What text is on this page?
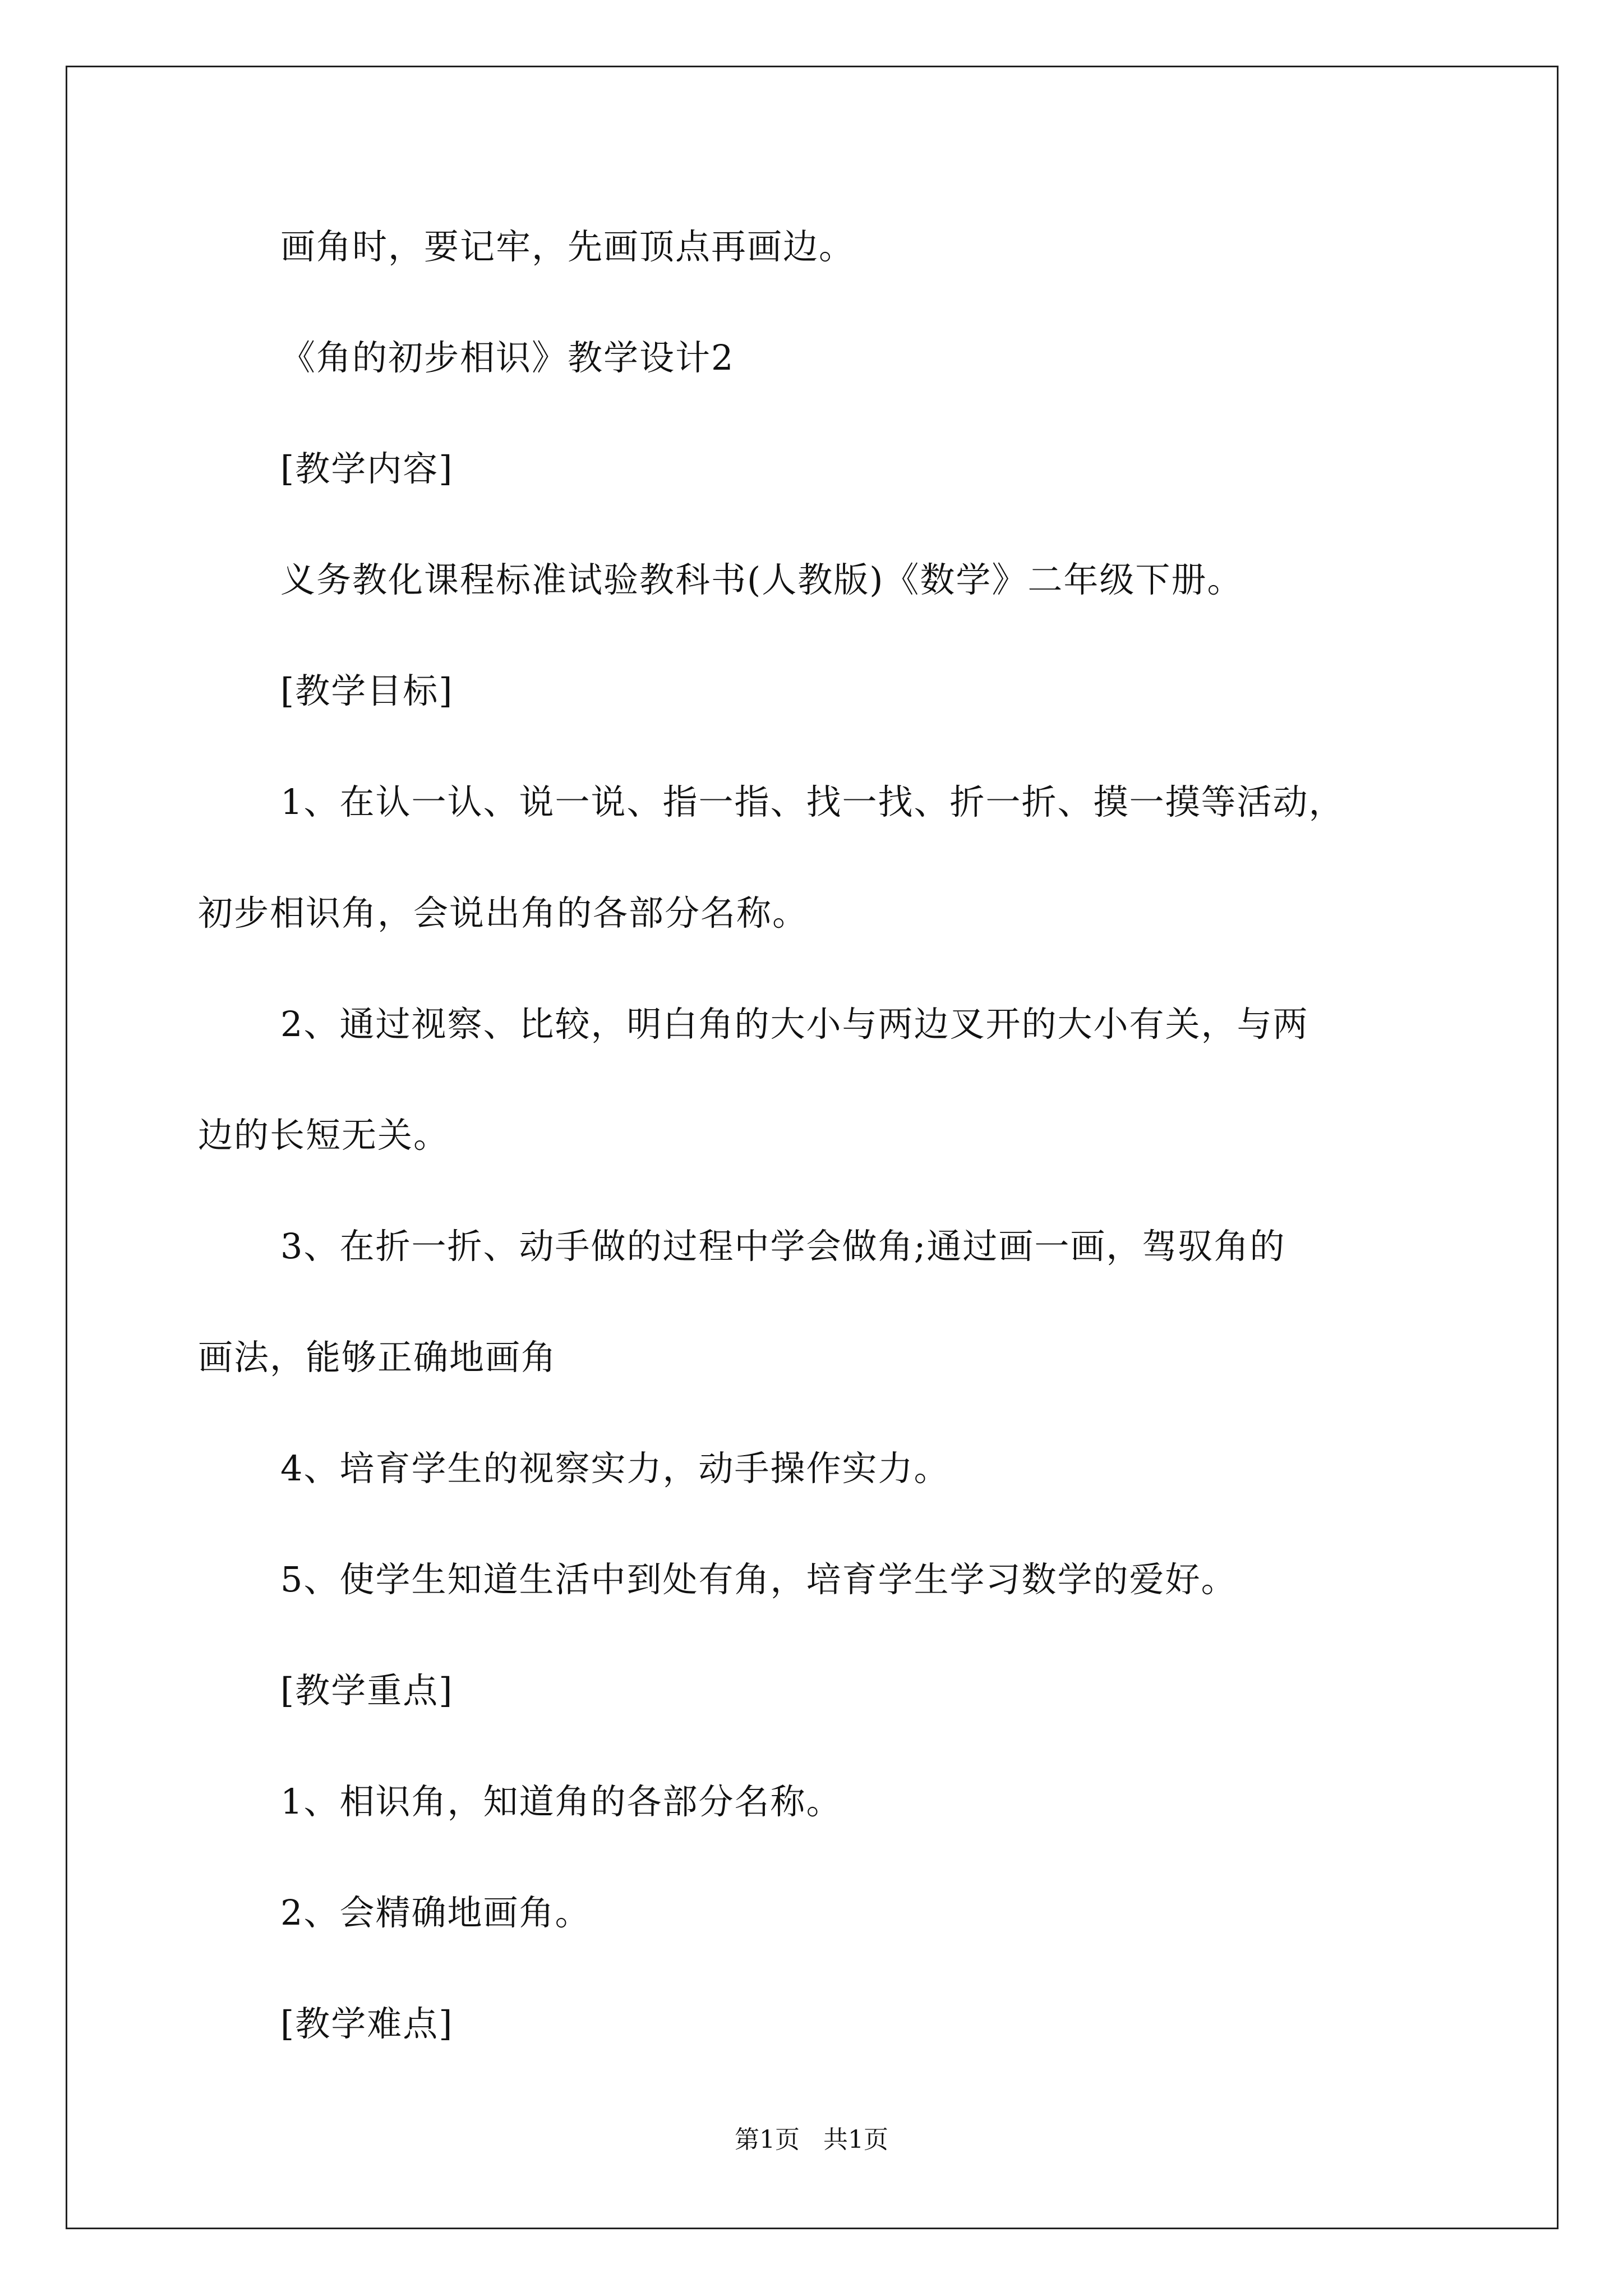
画角时，要记牢，先画顶点再画边。
《角的初步相识》教学设计2
[教学内容]
义务教化课程标准试验教科书(人教版)《数学》二年级下册。
[教学目标]
1、在认一认、说一说、指一指、找一找、折一折、摸一摸等活动，
初步相识角，会说出角的各部分名称。
2、通过视察、比较，明白角的大小与两边叉开的大小有关，与两
边的长短无关。
3、在折一折、动手做的过程中学会做角;通过画一画，驾驭角的
画法，能够正确地画角
4、培育学生的视察实力，动手操作实力。
5、使学生知道生活中到处有角，培育学生学习数学的爱好。
[教学重点]
1、相识角，知道角的各部分名称。
2、会精确地画角。
[教学难点]
第1页   共1页
